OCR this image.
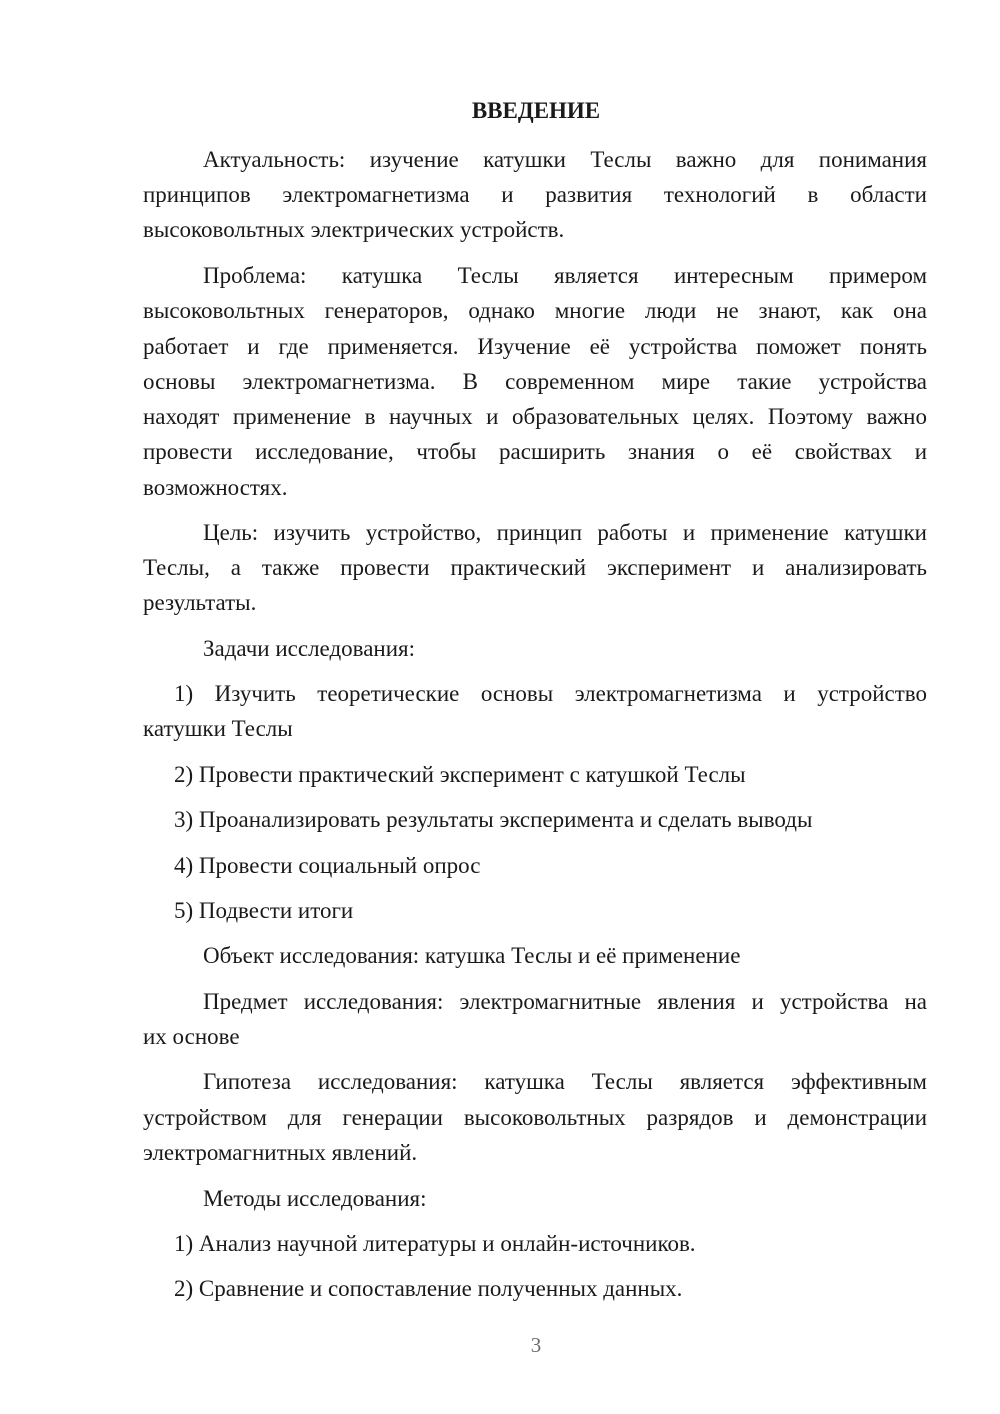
ВВЕДЕНИЕ

Актуальность: изучение катушки Теслы важно для понимания

принципов электромагнетизма и развития технологий в области

высоковольтных электрических устройств.

Проблема: катушка Теслы является интересным примером

высоковольтных генераторов, однако многие люди не знают, как она

работает и где применяется. Изучение её устройства поможет понять

основы электромагнетизма. В современном мире такие устройства

находят применение в научных и образовательных целях. Поэтому важно

провести исследование, чтобы расширить знания о её свойствах и

возможностях.

Цель: изучить устройство, принцип работы и применение катушки

Теслы, а также провести практический эксперимент и анализировать

результаты.

Задачи исследования:

1) Изучить теоретические основы электромагнетизма и устройство

катушки Теслы

2) Провести практический эксперимент с катушкой Теслы

3) Проанализировать результаты эксперимента и сделать выводы

4) Провести социальный опрос

5) Подвести итоги

Объект исследования: катушка Теслы и её применение

Предмет исследования: электромагнитные явления и устройства на

их основе

Гипотеза исследования: катушка Теслы является эффективным

устройством для генерации высоковольтных разрядов и демонстрации

электромагнитных явлений.

Методы исследования:

1) Анализ научной литературы и онлайн-источников.

2) Сравнение и сопоставление полученных данных.

3
